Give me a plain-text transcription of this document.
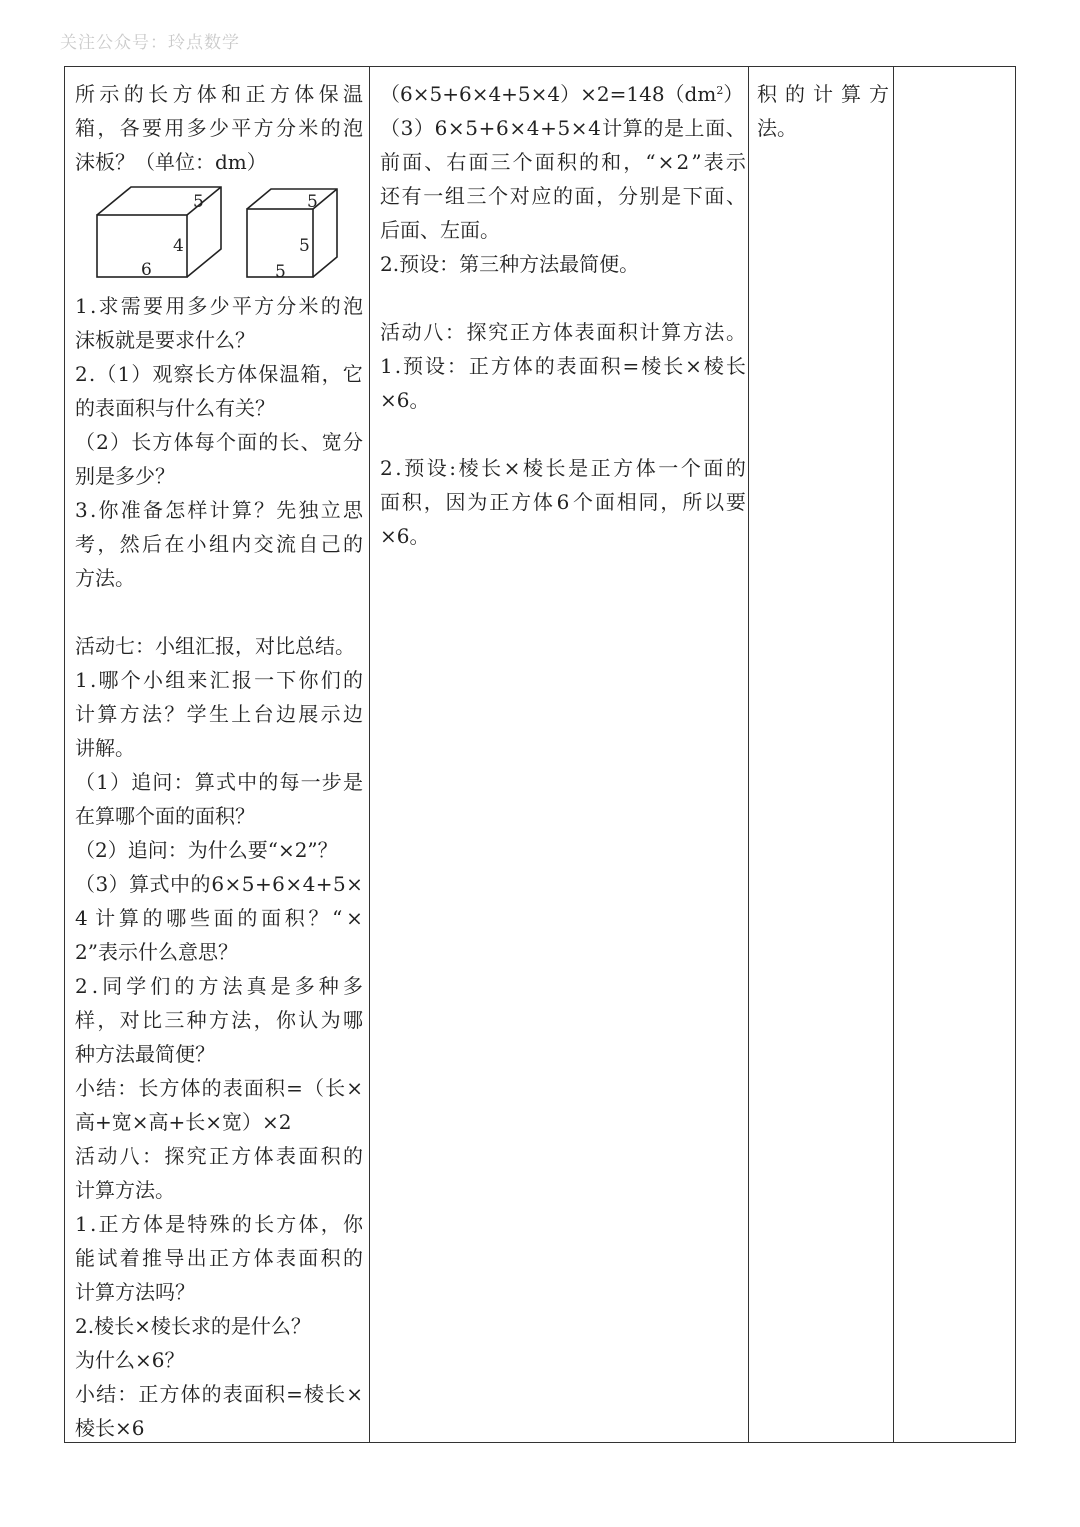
关注公众号：玲点数学
所 示 的 长 方 体 和 正 方 体 保 温
箱 ， 各 要 用 多 少 平 方 分 米 的 泡
沫板？（单位：dm）
5
4
6
5
5
5
1 . 求 需 要 用 多 少 平 方 分 米 的 泡
沫板就是要求什么？
2 . （ 1 ） 观 察 长 方 体 保 温 箱 ， 它
的表面积与什么有关？
（ 2 ） 长 方 体 每 个 面 的 长 、 宽 分
别是多少？
3 . 你 准 备 怎 样 计 算 ？ 先 独 立 思
考 ， 然 后 在 小 组 内 交 流 自 己 的
方法。
活动七：小组汇报，对比总结。
1 . 哪 个 小 组 来 汇 报 一 下 你 们 的
计 算 方 法 ？ 学 生 上 台 边 展 示 边
讲解。
（ 1 ） 追 问 ： 算 式 中 的 每 一 步 是
在算哪个面的面积？
（2）追问：为什么要“×2”？
（ 3 ） 算 式 中 的 6 × 5 + 6 × 4 + 5 ×
4 计 算 的 哪 些 面 的 面 积 ？ “ ×
2”表示什么意思？
2 . 同 学 们 的 方 法 真 是 多 种 多
样 ， 对 比 三 种 方 法 ， 你 认 为 哪
种方法最简便？
小 结 ： 长 方 体 的 表 面 积 = （ 长 ×
高+宽×高+长×宽）×2
活 动 八 ： 探 究 正 方 体 表 面 积 的
计算方法。
1 . 正 方 体 是 特 殊 的 长 方 体 ， 你
能 试 着 推 导 出 正 方 体 表 面 积 的
计算方法吗？
2.棱长×棱长求的是什么？
为什么×6？
小 结 ： 正 方 体 的 表 面 积 = 棱 长 ×
棱长×6
$(6\times 5+6\times 4+5\times 4)\times 2=148(dm^2)$
（ 3 ） 6 × 5 + 6 × 4 + 5 × 4 计 算 的 是 上 面 、
前 面 、 右 面 三 个 面 积 的 和 ， “ × 2 ” 表 示
还 有 一 组 三 个 对 应 的 面 ， 分 别 是 下 面 、
后面、左面。
2.预设：第三种方法最简便。
活 动 八 ： 探 究 正 方 体 表 面 积 计 算 方 法 。
1 . 预 设 ： 正 方 体 的 表 面 积 = 棱 长 × 棱 长
×6。
2 . 预 设 : 棱 长 × 棱 长 是 正 方 体 一 个 面 的
面 积 ， 因 为 正 方 体 6 个 面 相 同 ， 所 以 要
×6。
积 的 计 算 方
法。
